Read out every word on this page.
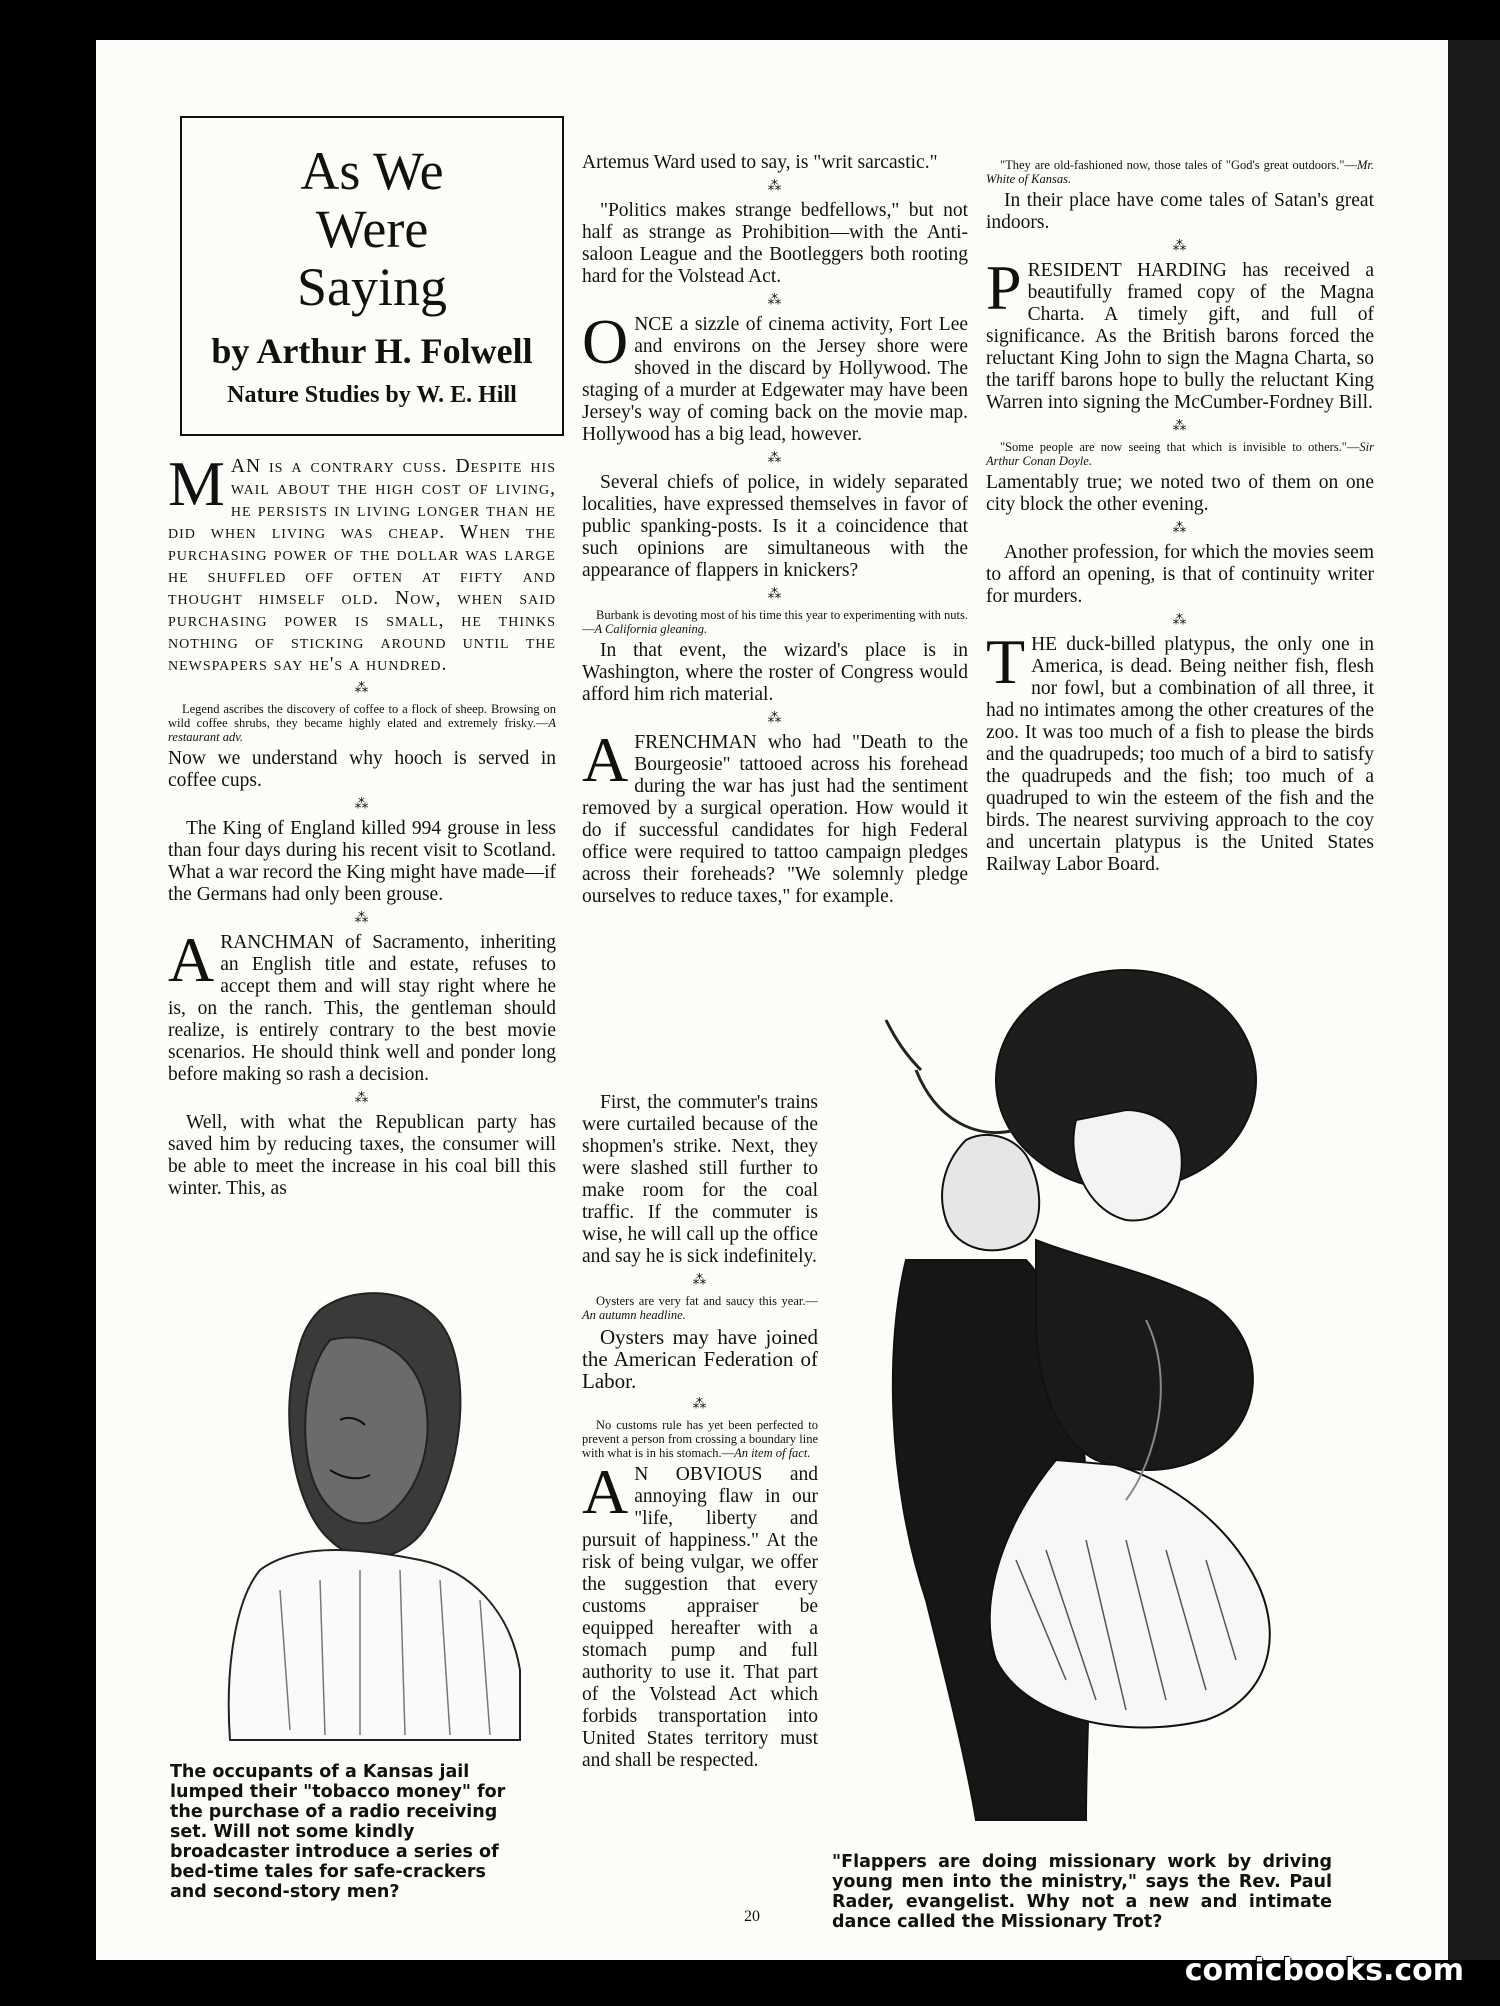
As We Were Saying
by Arthur H. Folwell
Nature Studies by W. E. Hill

MAN is a contrary cuss. Despite his wail about the high cost of living, he persists in living longer than he did when living was cheap. When the purchasing power of the dollar was large he shuffled off often at fifty and thought himself old. Now, when said purchasing power is small, he thinks nothing of sticking around until the newspapers say he's a hundred.

⁂

Legend ascribes the discovery of coffee to a flock of sheep. Browsing on wild coffee shrubs, they became highly elated and extremely frisky.—A restaurant adv.

Now we understand why hooch is served in coffee cups.

⁂

The King of England killed 994 grouse in less than four days during his recent visit to Scotland. What a war record the King might have made—if the Germans had only been grouse.

⁂

ARANCHMAN of Sacramento, inheriting an English title and estate, refuses to accept them and will stay right where he is, on the ranch. This, the gentleman should realize, is entirely contrary to the best movie scenarios. He should think well and ponder long before making so rash a decision.

⁂

Well, with what the Republican party has saved him by reducing taxes, the consumer will be able to meet the increase in his coal bill this winter. This, as

Artemus Ward used to say, is "writ sarcastic."

⁂

"Politics makes strange bedfellows," but not half as strange as Prohibition—with the Anti-saloon League and the Bootleggers both rooting hard for the Volstead Act.

⁂

ONCE a sizzle of cinema activity, Fort Lee and environs on the Jersey shore were shoved in the discard by Hollywood. The staging of a murder at Edgewater may have been Jersey's way of coming back on the movie map. Hollywood has a big lead, however.

⁂

Several chiefs of police, in widely separated localities, have expressed themselves in favor of public spanking-posts. Is it a coincidence that such opinions are simultaneous with the appearance of flappers in knickers?

⁂

Burbank is devoting most of his time this year to experimenting with nuts.—A California gleaning.

In that event, the wizard's place is in Washington, where the roster of Congress would afford him rich material.

⁂

AFRENCHMAN who had "Death to the Bourgeosie" tattooed across his forehead during the war has just had the sentiment removed by a surgical operation. How would it do if successful candidates for high Federal office were required to tattoo campaign pledges across their foreheads? "We solemnly pledge ourselves to reduce taxes," for example.

First, the commuter's trains were curtailed because of the shopmen's strike. Next, they were slashed still further to make room for the coal traffic. If the commuter is wise, he will call up the office and say he is sick indefinitely.

⁂

Oysters are very fat and saucy this year.—An autumn headline.

Oysters may have joined the American Federation of Labor.

⁂

No customs rule has yet been perfected to prevent a person from crossing a boundary line with what is in his stomach.—An item of fact.

A N OBVIOUS and annoying flaw in our "life, liberty and pursuit of happiness." At the risk of being vulgar, we offer the suggestion that every customs appraiser be equipped hereafter with a stomach pump and full authority to use it. That part of the Volstead Act which forbids transportation into United States territory must and shall be respected.

"They are old-fashioned now, those tales of "God's great outdoors."—Mr. White of Kansas.

In their place have come tales of Satan's great indoors.

⁂

PRESIDENT HARDING has received a beautifully framed copy of the Magna Charta. A timely gift, and full of significance. As the British barons forced the reluctant King John to sign the Magna Charta, so the tariff barons hope to bully the reluctant King Warren into signing the McCumber-Fordney Bill.

⁂

"Some people are now seeing that which is invisible to others."—Sir Arthur Conan Doyle.

Lamentably true; we noted two of them on one city block the other evening.

⁂

Another profession, for which the movies seem to afford an opening, is that of continuity writer for murders.

⁂

THE duck-billed platypus, the only one in America, is dead. Being neither fish, flesh nor fowl, but a combination of all three, it had no intimates among the other creatures of the zoo. It was too much of a fish to please the birds and the quadrupeds; too much of a bird to satisfy the quadrupeds and the fish; too much of a quadruped to win the esteem of the fish and the birds. The nearest surviving approach to the coy and uncertain platypus is the United States Railway Labor Board.

The occupants of a Kansas jail lumped their "tobacco money" for the purchase of a radio receiving set. Will not some kindly broadcaster introduce a series of bed-time tales for safe-crackers and second-story men?
"Flappers are doing missionary work by driving young men into the ministry," says the Rev. Paul Rader, evangelist. Why not a new and intimate dance called the Missionary Trot?
20
comicbooks.com
